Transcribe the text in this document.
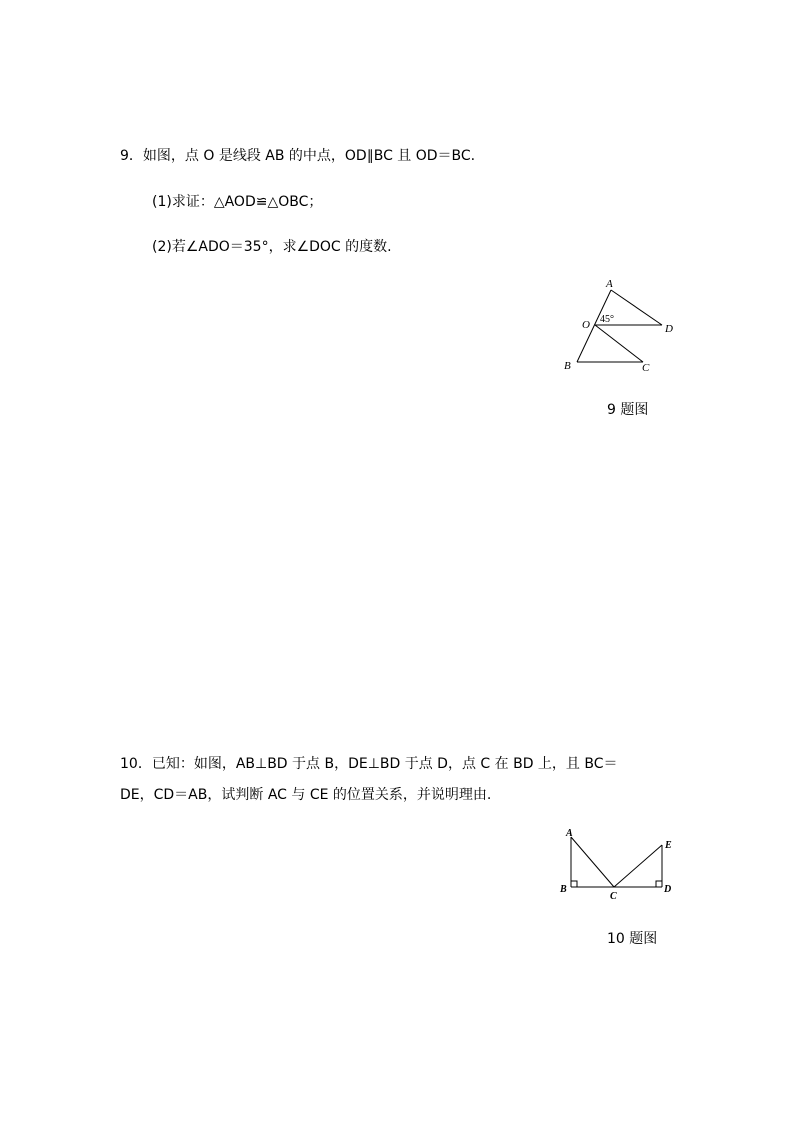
9．如图，点 O 是线段 AB 的中点，OD∥BC 且 OD＝BC.
(1)求证：△AOD≌△OBC；
(2)若∠ADO＝35°，求∠DOC 的度数.
A
O 45°
D
B	C
9 题图
10．已知：如图，AB⊥BD 于点 B，DE⊥BD 于点 D，点 C 在 BD 上，且 BC＝
DE，CD＝AB，试判断 AC 与 CE 的位置关系，并说明理由.
A
E
B
C
D
10 题图
